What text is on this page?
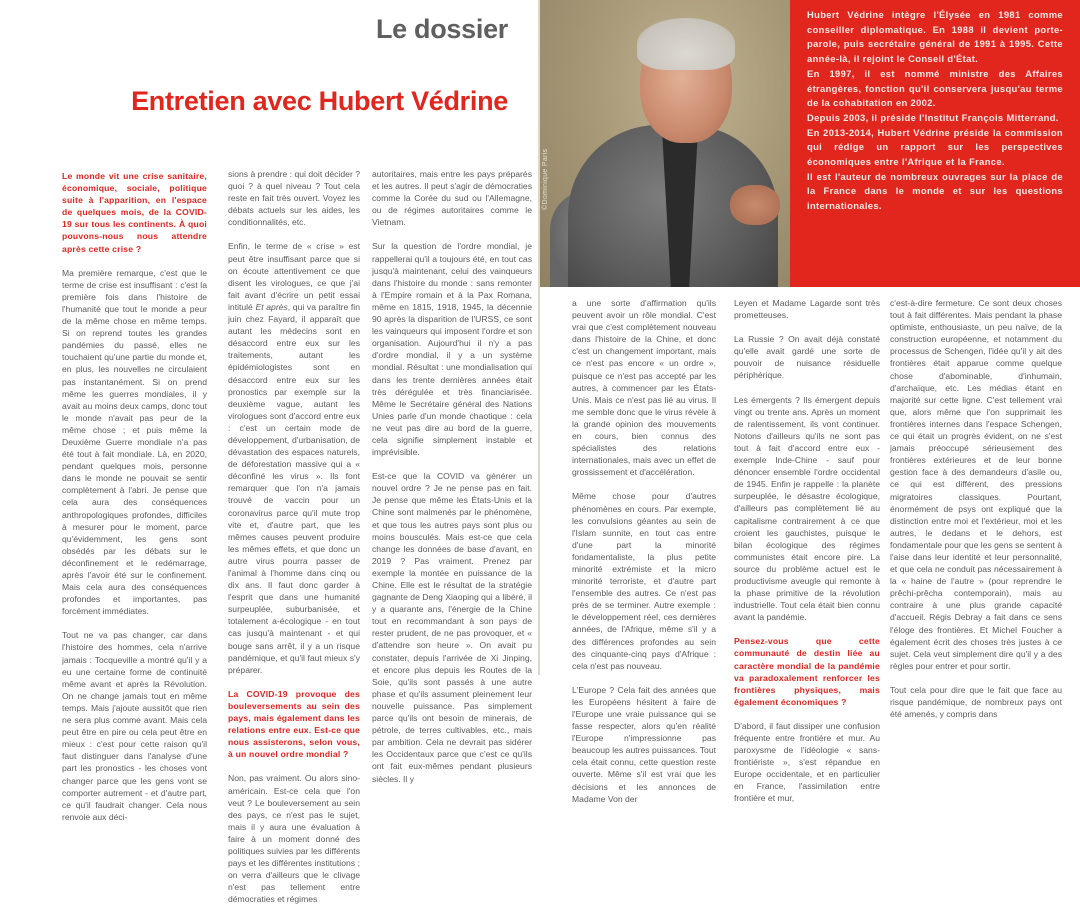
Le dossier
Entretien avec Hubert Védrine

Le monde vit une crise sanitaire, économique, sociale, politique suite à l'apparition, en l'espace de quelques mois, de la COVID-19 sur tous les continents. À quoi pouvons-nous nous attendre après cette crise ?

Ma première remarque, c'est que le terme de crise est insuffisant : c'est la première fois dans l'histoire de l'humanité que tout le monde a peur de la même chose en même temps. Si on reprend toutes les grandes pandémies du passé, elles ne touchaient qu'une partie du monde et, en plus, les nouvelles ne circulaient pas instantanément. Si on prend même les guerres mondiales, il y avait au moins deux camps, donc tout le monde n'avait pas peur de la même chose ; et puis même la Deuxième Guerre mondiale n'a pas été tout à fait mondiale. Là, en 2020, pendant quelques mois, personne dans le monde ne pouvait se sentir complètement à l'abri. Je pense que cela aura des conséquences anthropologiques profondes, difficiles à mesurer pour le moment, parce qu'évidemment, les gens sont obsédés par les débats sur le déconfinement et le redémarrage, après l'avoir été sur le confinement. Mais cela aura des conséquences profondes et importantes, pas forcément immédiates.

Tout ne va pas changer, car dans l'histoire des hommes, cela n'arrive jamais : Tocqueville a montré qu'il y a eu une certaine forme de continuité même avant et après la Révolution. On ne change jamais tout en même temps. Mais j'ajoute aussitôt que rien ne sera plus comme avant. Mais cela peut être en pire ou cela peut être en mieux : c'est pour cette raison qu'il faut distinguer dans l'analyse d'une part les pronostics - les choses vont changer parce que les gens vont se comporter autrement - et d'autre part, ce qu'il faudrait changer. Cela nous renvoie aux déci-

sions à prendre : qui doit décider ? quoi ? à quel niveau ? Tout cela reste en fait très ouvert. Voyez les débats actuels sur les aides, les conditionnalités, etc.

Enfin, le terme de « crise » est peut être insuffisant parce que si on écoute attentivement ce que disent les virologues, ce que j'ai fait avant d'écrire un petit essai intitulé Et après, qui va paraître fin juin chez Fayard, il apparaît que autant les médecins sont en désaccord entre eux sur les traitements, autant les épidémiologistes sont en désaccord entre eux sur les pronostics par exemple sur la deuxième vague, autant les virologues sont d'accord entre eux : c'est un certain mode de développement, d'urbanisation, de dévastation des espaces naturels, de déforestation massive qui a « déconfiné les virus ». Ils font remarquer que l'on n'a jamais trouvé de vaccin pour un coronavirus parce qu'il mute trop vite et, d'autre part, que les mêmes causes peuvent produire les mêmes effets, et que donc un autre virus pourra passer de l'animal à l'homme dans cinq ou dix ans. Il faut donc garder à l'esprit que dans une humanité surpeuplée, suburbanisée, et totalement a-écologique - en tout cas jusqu'à maintenant - et qui bouge sans arrêt, il y a un risque pandémique, et qu'il faut mieux s'y préparer.

La COVID-19 provoque des bouleversements au sein des pays, mais également dans les relations entre eux. Est-ce que nous assisterons, selon vous, à un nouvel ordre mondial ?

Non, pas vraiment. Ou alors sino-américain. Est-ce cela que l'on veut ? Le bouleversement au sein des pays, ce n'est pas le sujet, mais il y aura une évaluation à faire à un moment donné des politiques suivies par les différents pays et les différentes institutions ; on verra d'ailleurs que le clivage n'est pas tellement entre démocraties et régimes

autoritaires, mais entre les pays préparés et les autres. Il peut s'agir de démocraties comme la Corée du sud ou l'Allemagne, ou de régimes autoritaires comme le Vietnam.

Sur la question de l'ordre mondial, je rappellerai qu'il a toujours été, en tout cas jusqu'à maintenant, celui des vainqueurs dans l'histoire du monde : sans remonter à l'Empire romain et à la Pax Romana, même en 1815, 1918, 1945, la décennie 90 après la disparition de l'URSS, ce sont les vainqueurs qui imposent l'ordre et son organisation. Aujourd'hui il n'y a pas d'ordre mondial, il y a un système mondial. Résultat : une mondialisation qui dans les trente dernières années était très dérégulée et très financiarisée. Même le Secrétaire général des Nations Unies parle d'un monde chaotique : cela ne veut pas dire au bord de la guerre, cela signifie simplement instable et imprévisible.

Est-ce que la COVID va générer un nouvel ordre ? Je ne pense pas en fait. Je pense que même les États-Unis et la Chine sont malmenés par le phénomène, et que tous les autres pays sont plus ou moins bousculés. Mais est-ce que cela change les données de base d'avant, en 2019 ? Pas vraiment. Prenez par exemple la montée en puissance de la Chine. Elle est le résultat de la stratégie gagnante de Deng Xiaoping qui a libéré, il y a quarante ans, l'énergie de la Chine tout en recommandant à son pays de rester prudent, de ne pas provoquer, et « d'attendre son heure ». On avait pu constater, depuis l'arrivée de Xi Jinping, et encore plus depuis les Routes de la Soie, qu'ils sont passés à une autre phase et qu'ils assument pleinement leur nouvelle puissance. Pas simplement parce qu'ils ont besoin de minerais, de pétrole, de terres cultivables, etc., mais par ambition. Cela ne devrait pas sidérer les Occidentaux parce que c'est ce qu'ils ont fait eux-mêmes pendant plusieurs siècles. Il y

©Dominique Paris

Hubert Védrine intègre l'Élysée en 1981 comme conseiller diplomatique. En 1988 il devient porte-parole, puis secrétaire général de 1991 à 1995. Cette année-là, il rejoint le Conseil d'État.

En 1997, il est nommé ministre des Affaires étrangères, fonction qu'il conservera jusqu'au terme de la cohabitation en 2002.

Depuis 2003, il préside l'Institut François Mitterrand.

En 2013-2014, Hubert Védrine préside la commission qui rédige un rapport sur les perspectives économiques entre l'Afrique et la France.

Il est l'auteur de nombreux ouvrages sur la place de la France dans le monde et sur les questions internationales.

a une sorte d'affirmation qu'ils peuvent avoir un rôle mondial. C'est vrai que c'est complètement nouveau dans l'histoire de la Chine, et donc c'est un changement important, mais ce n'est pas encore « un ordre », puisque ce n'est pas accepté par les autres, à commencer par les États-Unis. Mais ce n'est pas lié au virus. Il me semble donc que le virus révèle à la grande opinion des mouvements en cours, bien connus des spécialistes des relations internationales, mais avec un effet de grossissement et d'accélération.

Même chose pour d'autres phénomènes en cours. Par exemple, les convulsions géantes au sein de l'Islam sunnite, en tout cas entre d'une part la minorité fondamentaliste, la plus petite minorité extrémiste et la micro minorité terroriste, et d'autre part l'ensemble des autres. Ce n'est pas près de se terminer. Autre exemple : le développement réel, ces dernières années, de l'Afrique, même s'il y a des différences profondes au sein des cinquante-cinq pays d'Afrique : cela n'est pas nouveau.

L'Europe ? Cela fait des années que les Européens hésitent à faire de l'Europe une vraie puissance qui se fasse respecter, alors qu'en réalité l'Europe n'impressionne pas beaucoup les autres puissances. Tout cela était connu, cette question reste ouverte. Même s'il est vrai que les décisions et les annonces de Madame Von der

Leyen et Madame Lagarde sont très prometteuses.

La Russie ? On avait déjà constaté qu'elle avait gardé une sorte de pouvoir de nuisance résiduelle périphérique.

Les émergents ? Ils émergent depuis vingt ou trente ans. Après un moment de ralentissement, ils vont continuer. Notons d'ailleurs qu'ils ne sont pas tout à fait d'accord entre eux - exemple Inde-Chine - sauf pour dénoncer ensemble l'ordre occidental de 1945. Enfin je rappelle : la planète surpeuplée, le désastre écologique, d'ailleurs pas complètement lié au capitalisme contrairement à ce que croient les gauchistes, puisque le bilan écologique des régimes communistes était encore pire. La source du problème actuel est le productivisme aveugle qui remonte à la phase primitive de la révolution industrielle. Tout cela était bien connu avant la pandémie.

Pensez-vous que cette communauté de destin liée au caractère mondial de la pandémie va paradoxalement renforcer les frontières physiques, mais également économiques ?

D'abord, il faut dissiper une confusion fréquente entre frontière et mur. Au paroxysme de l'idéologie « sans-frontiériste », s'est répandue en Europe occidentale, et en particulier en France, l'assimilation entre frontière et mur,

c'est-à-dire fermeture. Ce sont deux choses tout à fait différentes. Mais pendant la phase optimiste, enthousiaste, un peu naïve, de la construction européenne, et notamment du processus de Schengen, l'idée qu'il y ait des frontières était apparue comme quelque chose d'abominable, d'inhumain, d'archaïque, etc. Les médias étant en majorité sur cette ligne. C'est tellement vrai que, alors même que l'on supprimait les frontières internes dans l'espace Schengen, ce qui était un progrès évident, on ne s'est jamais préoccupé sérieusement des frontières extérieures et de leur bonne gestion face à des demandeurs d'asile ou, ce qui est différent, des pressions migratoires classiques. Pourtant, énormément de psys ont expliqué que la distinction entre moi et l'extérieur, moi et les autres, le dedans et le dehors, est fondamentale pour que les gens se sentent à l'aise dans leur identité et leur personnalité, et que cela ne conduit pas nécessairement à la « haine de l'autre » (pour reprendre le prêchi-prêcha contemporain), mais au contraire à une plus grande capacité d'accueil. Régis Debray a fait dans ce sens l'éloge des frontières. Et Michel Foucher a également écrit des choses très justes à ce sujet. Cela veut simplement dire qu'il y a des règles pour entrer et pour sortir.

Tout cela pour dire que le fait que face au risque pandémique, de nombreux pays ont été amenés, y compris dans
